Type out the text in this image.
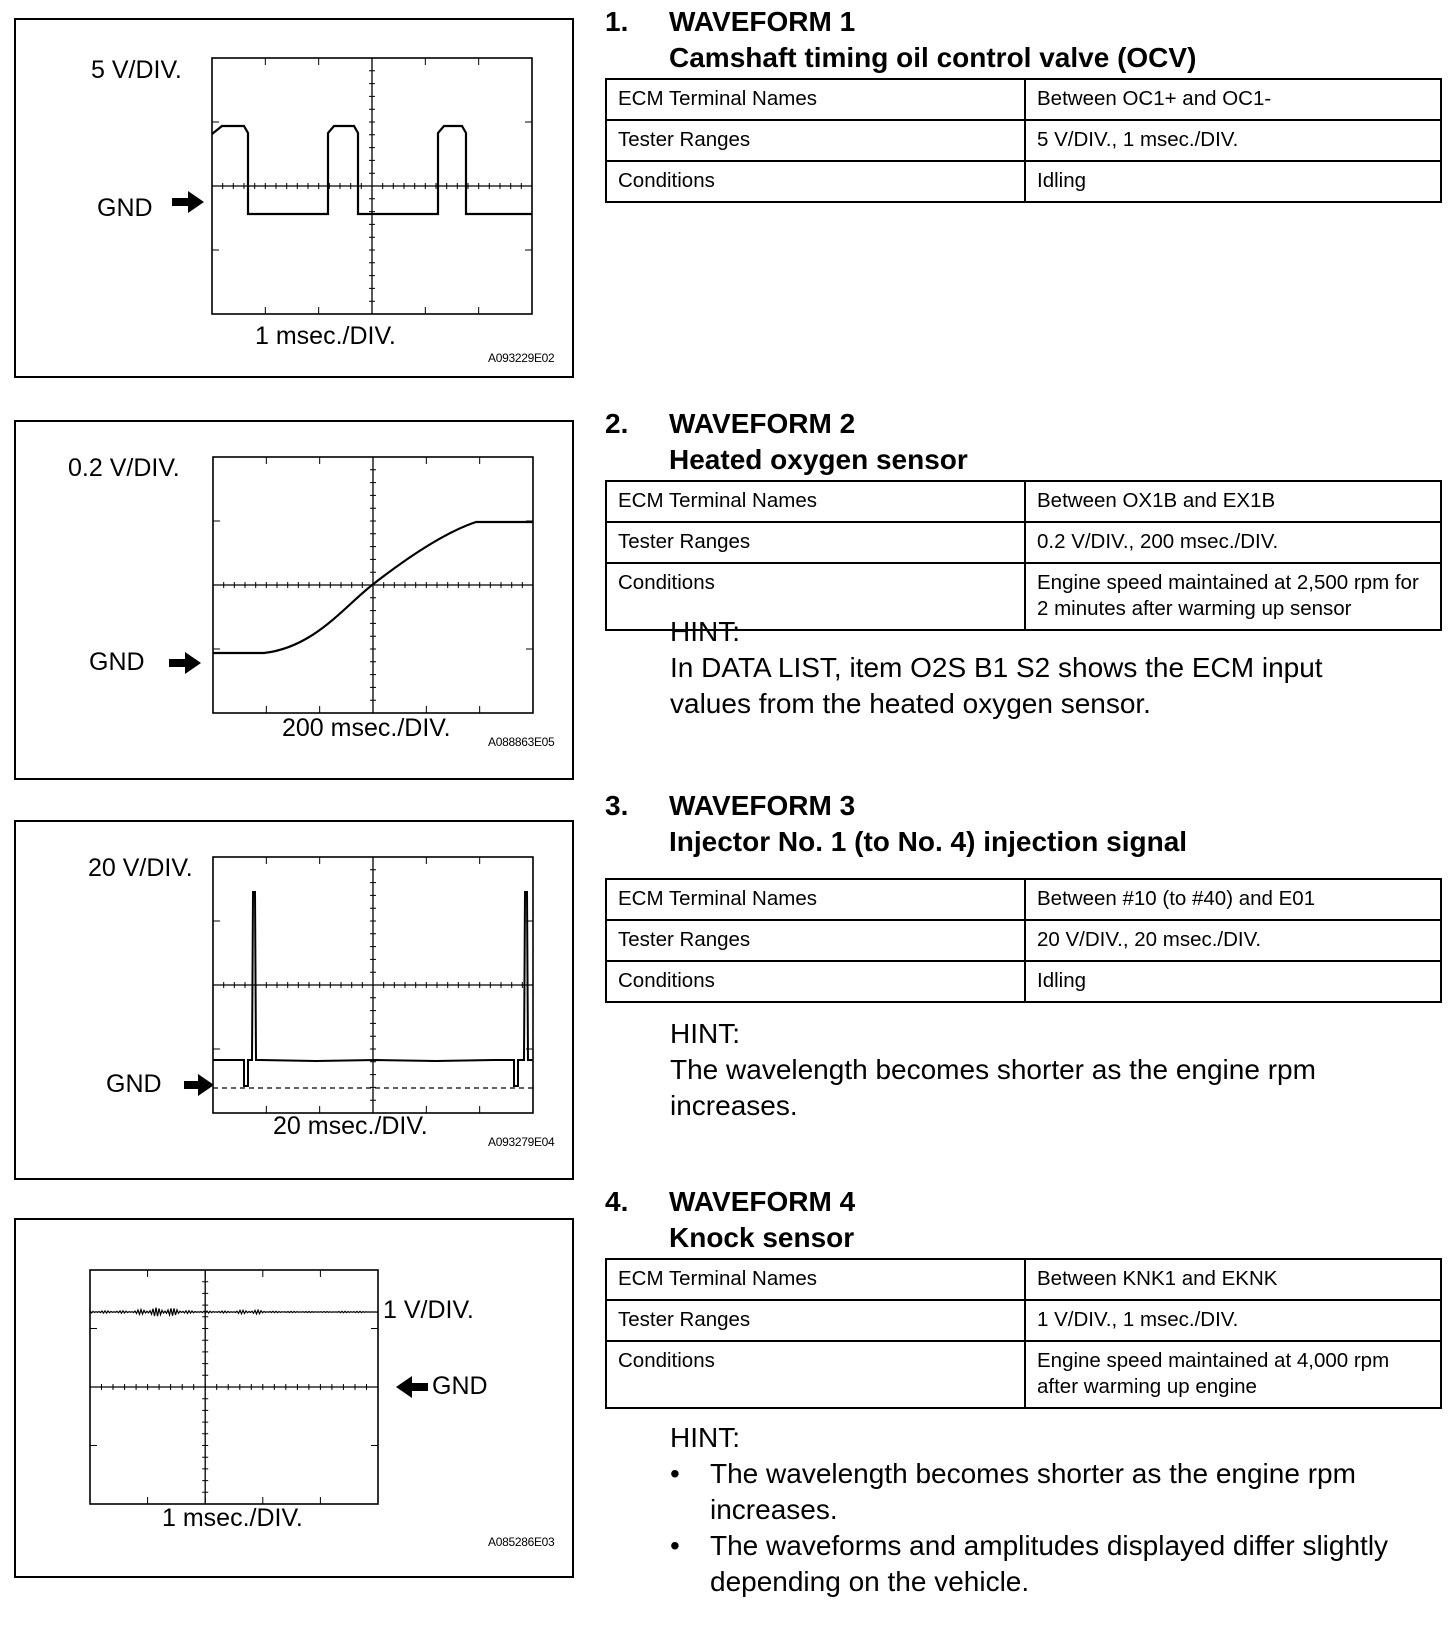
5 V/DIV.
GND
1 msec./DIV.
A093229E02
1. WAVEFORM 1
Camshaft timing oil control valve (OCV)
ECM Terminal Names	Between OC1+ and OC1-
Tester Ranges	5 V/DIV., 1 msec./DIV.
Conditions	Idling
0.2 V/DIV.
GND
200 msec./DIV.	A088863E05
2. WAVEFORM 2
Heated oxygen sensor
ECM Terminal Names	Between OX1B and EX1B
Tester Ranges	0.2 V/DIV., 200 msec./DIV.
Conditions	Engine speed maintained at 2,500 rpm for 2 minutes after warming up sensor
HINT:
In DATA LIST, item O2S B1 S2 shows the ECM input values from the heated oxygen sensor.
20 V/DIV.
GND
20 msec./DIV.
A093279E04
3. WAVEFORM 3
Injector No. 1 (to No. 4) injection signal
ECM Terminal Names	Between #10 (to #40) and E01
Tester Ranges	20 V/DIV., 20 msec./DIV.
Conditions	Idling
HINT:
The wavelength becomes shorter as the engine rpm increases.
1 V/DIV.
GND
1 msec./DIV.
A085286E03
4. WAVEFORM 4
Knock sensor
ECM Terminal Names	Between KNK1 and EKNK
Tester Ranges	1 V/DIV., 1 msec./DIV.
Conditions	Engine speed maintained at 4,000 rpm after warming up engine
HINT:
• The wavelength becomes shorter as the engine rpm increases.
• The waveforms and amplitudes displayed differ slightly depending on the vehicle.
